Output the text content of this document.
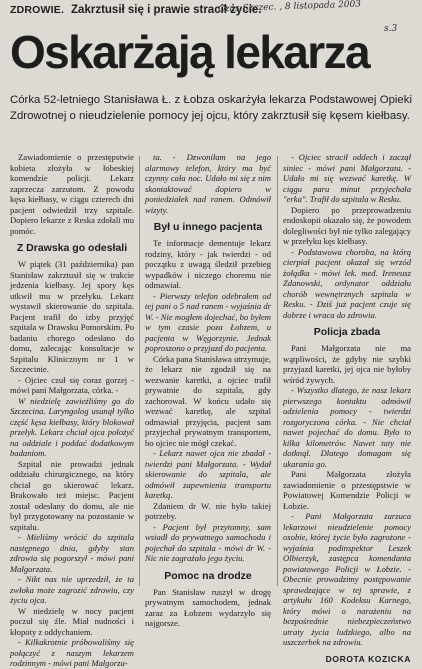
ZDROWIE. Zakrztusił się i prawie stracił życie.
Czas Szczec. , 8 listopada 2003
s.3
Oskarżają lekarza

Córka 52-letniego Stanisława Ł. z Łobza oskarżyła lekarza Podstawowej Opieki Zdrowotnej o nieudzielenie pomocy jej ojcu, który zakrztusił się kęsem kiełbasy.

Zawiadomienie o przestępstwie kobieta złożyła w łobeskiej komendzie policji. Lekarz zaprzecza zarzutom. Z powodu kęsa kiełbasy, w ciągu czterech dni pacjent odwiedził trzy szpitale. Dopiero lekarze z Reska zdołali mu pomóc.

Z Drawska go odesłali

W piątek (31 października) pan Stanisław zakrztusił się w trakcie jedzenia kiełbasy. Jej spory kęs utkwił mu w przełyku. Lekarz wystawił skierowanie do szpitala. Pacjent trafił do izby przyjęć szpitala w Drawsku Pomorskim. Po badaniu chorego odesłano do domu, zalecając konsultacje w Szpitalu Klinicznym nr 1 w Szczecinie.

- Ojciec czuł się coraz gorzej - mówi pani Małgorzata, córka. -

W niedzielę zawieźliśmy go do Szczecina. Laryngolog usunął tylko część kęsa kiełbasy, który blokował przełyk. Lekarz chciał ojca położyć na oddziale i poddać dodatkowym badaniom.

Szpital nie prowadzi jednak oddziału chirurgicznego, na który chciał go skierować lekarz. Brakowało też miejsc. Pacjent został odesłany do domu, ale nie był przygotowany na pozostanie w szpitalu.

- Mieliśmy wrócić do szpitala następnego dnia, gdyby stan zdrowia się pogorszył - mówi pani Małgorzata.

- Nikt nas nie uprzedził, że ta zwłoka może zagrozić zdrowiu, czy życiu ojca.

W niedzielę w nocy pacjent poczuł się źle. Miał nudności i kłopoty z oddychaniem.

- Kilkakrotnie próbowaliśmy się połączyć z naszym lekarzem rodzinnym - mówi pani Małgorza-

ta. - Dzwoniłam na jego alarmowy telefon, który ma być czynny cała noc. Udało mi się z nim skontaktować dopiero w poniedziałek nad ranem. Odmówił wizyty.

Był u innego pacjenta

Te informacje dementuje lekarz rodziny, który - jak twierdzi - od początku z uwagą śledził przebieg wypadków i niczego choremu nie odmawiał.

- Pierwszy telefon odebrałem od tej pani o 5 nad ranem - wyjaśnia dr W. - Nie mogłem dojechać, bo byłem w tym czasie poza Łobzem, u pacjenta w Węgorzynie. Jednak poproszono o przyjazd do pacjenta.

Córka pana Stanisława utrzymuje, że lekarz nie zgodził się na wezwanie karetki, a ojciec trafił prywatnie do szpitala, gdy zachorował. W końcu udało się wezwać karetkę, ale szpital odmawiał przyjęcia, pacjent sam przyjechał prywatnym transportem, bo ojciec nie mógł czekać.

- Lekarz nawet ojca nie zbadał - twierdzi pani Małgorzata. - Wydał skierowanie do szpitala, ale odmówił zapewnienia transportu karetką.

Zdaniem dr W. nie było takiej potrzeby.

- Pacjent był przytomny, sam wsiadł do prywatnego samochodu i pojechał do szpitala - mówi dr W. - Nic nie zagrażało jego życiu.

Pomoc na drodze

Pan Stanisław ruszył w drogę prywatnym samochodem, jednak zaraz za Łobzem wydarzyło się najgorsze.

- Ojciec stracił oddech i zaczął siniec - mówi pani Małgorzata. - Udało mi się wezwać karetkę. W ciągu paru minut przyjechała "erka". Trafił do szpitala w Resku.

Dopiero po przeprowadzeniu endoskopii okazało się, że powodem dolegliwości był nie tylko zalegający w przełyku kęs kiełbasy.

- Podstawowa choroba, na którą cierpiał pacjent okazał się wrzód żołądka - mówi lek. med. Ireneusz Zdanowski, ordynator oddziału chorób wewnętrznych szpitala w Resku. - Dziś już pacjent czuje się dobrze i wraca do zdrowia.

Policja zbada

Pani Małgorzata nie ma wątpliwości, że gdyby nie szybki przyjazd karetki, jej ojca nie byłoby wśród żywych.

- Wszystko dlatego, że nasz lekarz pierwszego kontaktu odmówił udzielenia pomocy - twierdzi rozgoryczona córka. - Nie chciał nawet pojechać do domu. Było to kilka kilometrów. Nawet taty nie dotknął. Dlatego domagam się ukarania go.

Pani Małgorzata złożyła zawiadomienie o przestępstwie w Powiatowej Komendzie Policji w Łobzie.

- Pani Małgorzata zarzuca lekarzowi nieudzielenie pomocy osobie, której życie było zagrożone - wyjaśnia podinspektor Leszek Olbierzyk, zastępca komendanta powiatowego Policji w Łobzie. - Obecnie prowadzimy postępowanie sprawdzające w tej sprawie, z artykułu 160 Kodeksu Karnego, który mówi o narażeniu na bezpośrednie niebezpieczeństwo utraty życia ludzkiego, albo na uszczerbek na zdrowiu.

DOROTA KOZICKA
